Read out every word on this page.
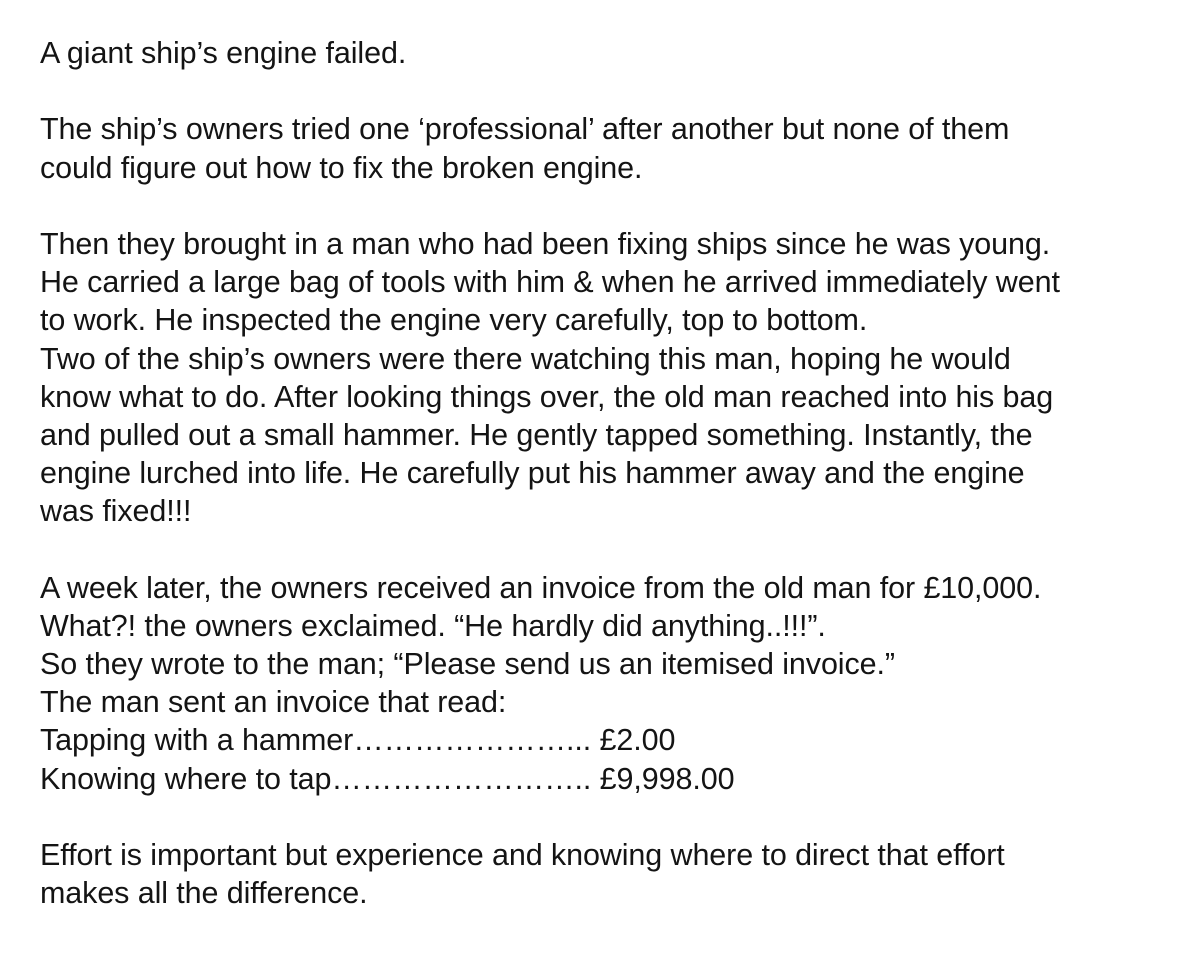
A giant ship’s engine failed.
The ship’s owners tried one ‘professional’ after another but none of them
could figure out how to fix the broken engine.
Then they brought in a man who had been fixing ships since he was young.
He carried a large bag of tools with him & when he arrived immediately went
to work. He inspected the engine very carefully, top to bottom.
Two of the ship’s owners were there watching this man, hoping he would
know what to do. After looking things over, the old man reached into his bag
and pulled out a small hammer. He gently tapped something. Instantly, the
engine lurched into life. He carefully put his hammer away and the engine
was fixed!!!
A week later, the owners received an invoice from the old man for £10,000.
What?! the owners exclaimed. “He hardly did anything..!!!”.
So they wrote to the man; “Please send us an itemised invoice.”
The man sent an invoice that read:
Tapping with a hammer…………………... £2.00
Knowing where to tap…………………….. £9,998.00
Effort is important but experience and knowing where to direct that effort
makes all the difference.
